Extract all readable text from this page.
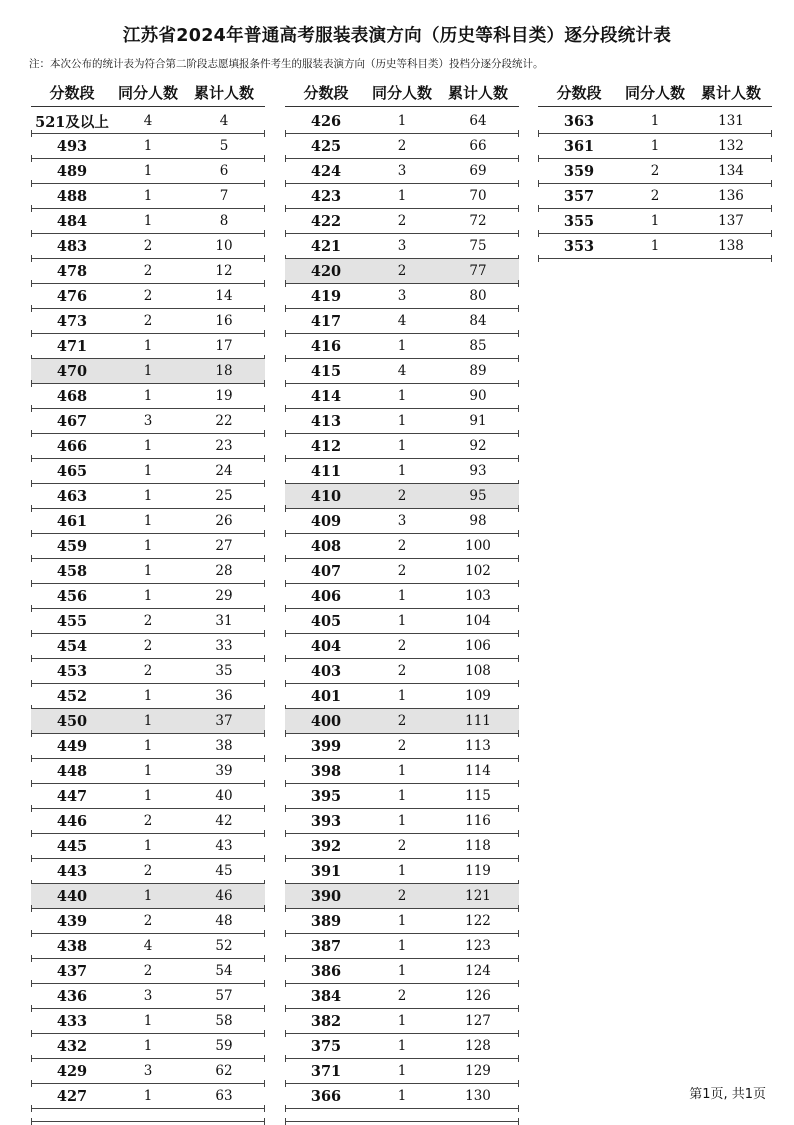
江苏省2024年普通高考服装表演方向（历史等科目类）逐分段统计表
注：本次公布的统计表为符合第二阶段志愿填报条件考生的服装表演方向（历史等科目类）投档分逐分段统计。
分数段	同分人数	累计人数
521及以上	4	4
493	1	5
489	1	6
488	1	7
484	1	8
483	2	10
478	2	12
476	2	14
473	2	16
471	1	17
470	1	18
468	1	19
467	3	22
466	1	23
465	1	24
463	1	25
461	1	26
459	1	27
458	1	28
456	1	29
455	2	31
454	2	33
453	2	35
452	1	36
450	1	37
449	1	38
448	1	39
447	1	40
446	2	42
445	1	43
443	2	45
440	1	46
439	2	48
438	4	52
437	2	54
436	3	57
433	1	58
432	1	59
429	3	62
427	1	63
分数段	同分人数	累计人数
426	1	64
425	2	66
424	3	69
423	1	70
422	2	72
421	3	75
420	2	77
419	3	80
417	4	84
416	1	85
415	4	89
414	1	90
413	1	91
412	1	92
411	1	93
410	2	95
409	3	98
408	2	100
407	2	102
406	1	103
405	1	104
404	2	106
403	2	108
401	1	109
400	2	111
399	2	113
398	1	114
395	1	115
393	1	116
392	2	118
391	1	119
390	2	121
389	1	122
387	1	123
386	1	124
384	2	126
382	1	127
375	1	128
371	1	129
366	1	130
分数段	同分人数	累计人数
363	1	131
361	1	132
359	2	134
357	2	136
355	1	137
353	1	138
第1页, 共1页
